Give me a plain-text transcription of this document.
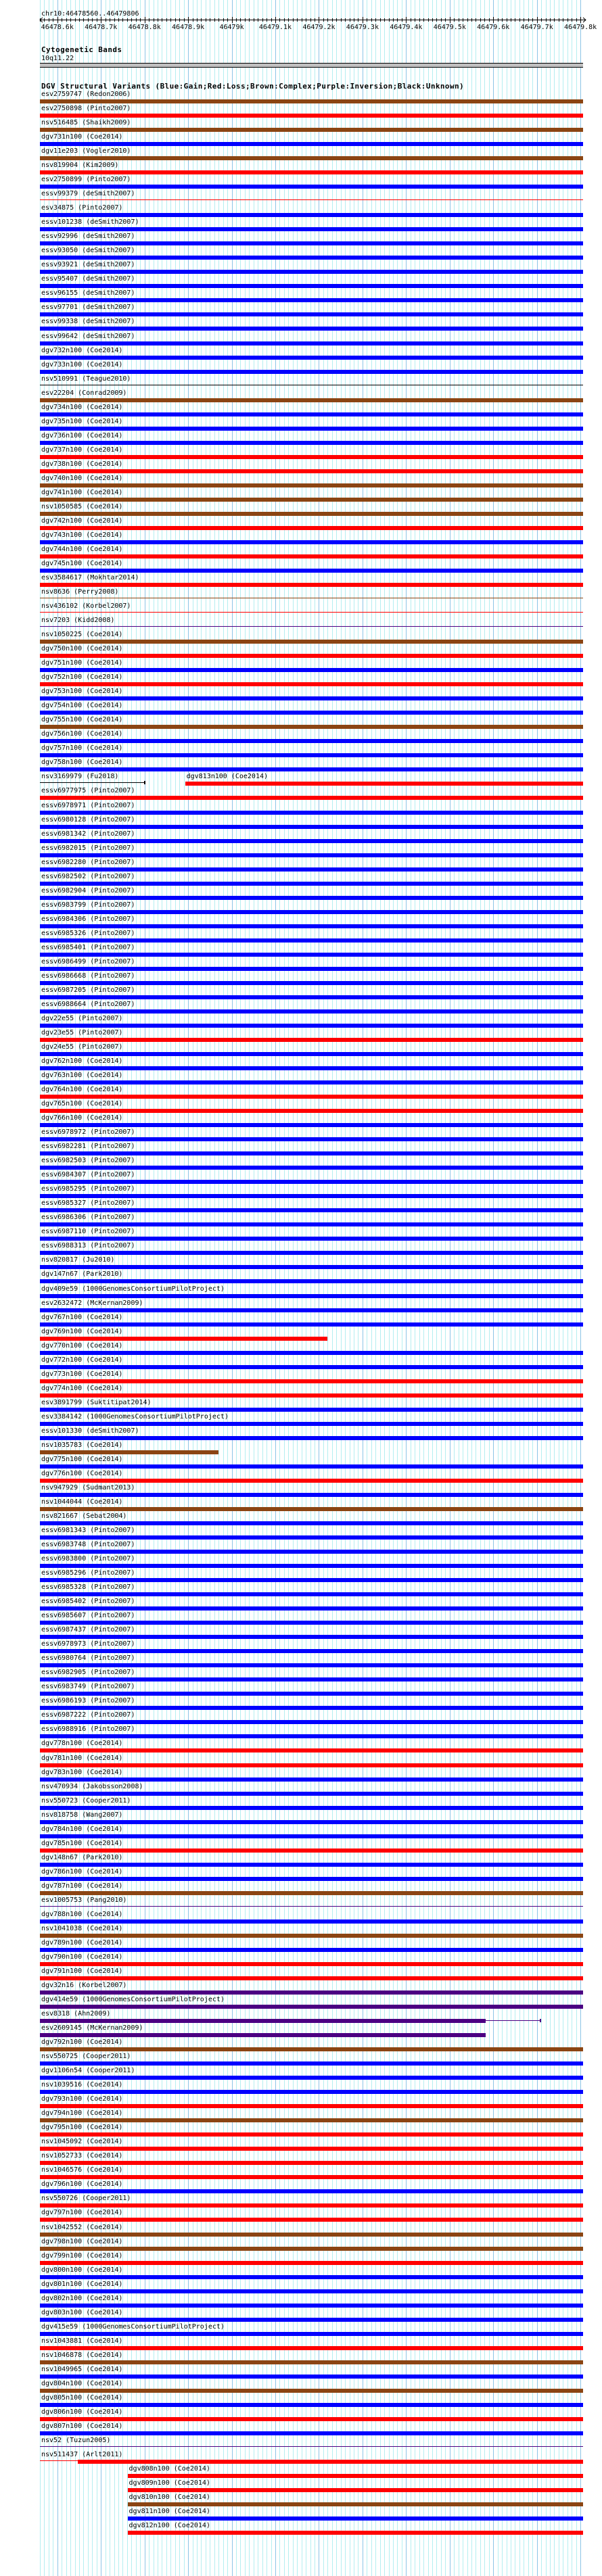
chr10:46478560..46479806
46478.6k 46478.7k 46478.8k 46478.9k 46479k 46479.1k 46479.2k 46479.3k 46479.4k 46479.5k 46479.6k 46479.7k 46479.8k
Cytogenetic Bands
10q11.22
DGV Structural Variants (Blue:Gain;Red:Loss;Brown:Complex;Purple:Inversion;Black:Unknown)
esv2759747 (Redon2006)
esv2750898 (Pinto2007)
nsv516485 (Shaikh2009)
dgv731n100 (Coe2014)
dgv11e203 (Vogler2010)
nsv819904 (Kim2009)
esv2750899 (Pinto2007)
essv99379 (deSmith2007)
esv34875 (Pinto2007)
essv101238 (deSmith2007)
essv92996 (deSmith2007)
essv93050 (deSmith2007)
essv93921 (deSmith2007)
essv95407 (deSmith2007)
essv96155 (deSmith2007)
essv97701 (deSmith2007)
essv99338 (deSmith2007)
essv99642 (deSmith2007)
dgv732n100 (Coe2014)
dgv733n100 (Coe2014)
nsv510991 (Teague2010)
esv22204 (Conrad2009)
dgv734n100 (Coe2014)
dgv735n100 (Coe2014)
dgv736n100 (Coe2014)
dgv737n100 (Coe2014)
dgv738n100 (Coe2014)
dgv740n100 (Coe2014)
dgv741n100 (Coe2014)
nsv1050585 (Coe2014)
dgv742n100 (Coe2014)
dgv743n100 (Coe2014)
dgv744n100 (Coe2014)
dgv745n100 (Coe2014)
esv3584617 (Mokhtar2014)
nsv8636 (Perry2008)
nsv436102 (Korbel2007)
nsv7203 (Kidd2008)
nsv1050225 (Coe2014)
dgv750n100 (Coe2014)
dgv751n100 (Coe2014)
dgv752n100 (Coe2014)
dgv753n100 (Coe2014)
dgv754n100 (Coe2014)
dgv755n100 (Coe2014)
dgv756n100 (Coe2014)
dgv757n100 (Coe2014)
dgv758n100 (Coe2014)
nsv3169979 (Fu2018)	dgv813n100 (Coe2014)
essv6977975 (Pinto2007)
essv6978971 (Pinto2007)
essv6980128 (Pinto2007)
essv6981342 (Pinto2007)
essv6982015 (Pinto2007)
essv6982280 (Pinto2007)
essv6982502 (Pinto2007)
essv6982904 (Pinto2007)
essv6983799 (Pinto2007)
essv6984306 (Pinto2007)
essv6985326 (Pinto2007)
essv6985401 (Pinto2007)
essv6986499 (Pinto2007)
essv6986668 (Pinto2007)
essv6987205 (Pinto2007)
essv6988664 (Pinto2007)
dgv22e55 (Pinto2007)
dgv23e55 (Pinto2007)
dgv24e55 (Pinto2007)
dgv762n100 (Coe2014)
dgv763n100 (Coe2014)
dgv764n100 (Coe2014)
dgv765n100 (Coe2014)
dgv766n100 (Coe2014)
essv6978972 (Pinto2007)
essv6982281 (Pinto2007)
essv6982503 (Pinto2007)
essv6984307 (Pinto2007)
essv6985295 (Pinto2007)
essv6985327 (Pinto2007)
essv6986306 (Pinto2007)
essv6987110 (Pinto2007)
essv6988313 (Pinto2007)
nsv820817 (Ju2010)
dgv147n67 (Park2010)
dgv409e59 (1000GenomesConsortiumPilotProject)
esv2632472 (McKernan2009)
dgv767n100 (Coe2014)
dgv769n100 (Coe2014)
dgv770n100 (Coe2014)
dgv772n100 (Coe2014)
dgv773n100 (Coe2014)
dgv774n100 (Coe2014)
esv3891799 (Suktitipat2014)
esv3384142 (1000GenomesConsortiumPilotProject)
essv101330 (deSmith2007)
nsv1035783 (Coe2014)
dgv775n100 (Coe2014)
dgv776n100 (Coe2014)
nsv947929 (Sudmant2013)
nsv1044044 (Coe2014)
nsv821667 (Sebat2004)
essv6981343 (Pinto2007)
essv6983748 (Pinto2007)
essv6983800 (Pinto2007)
essv6985296 (Pinto2007)
essv6985328 (Pinto2007)
essv6985402 (Pinto2007)
essv6985607 (Pinto2007)
essv6987437 (Pinto2007)
essv6978973 (Pinto2007)
essv6980764 (Pinto2007)
essv6982905 (Pinto2007)
essv6983749 (Pinto2007)
essv6986193 (Pinto2007)
essv6987222 (Pinto2007)
essv6988916 (Pinto2007)
dgv778n100 (Coe2014)
dgv781n100 (Coe2014)
dgv783n100 (Coe2014)
nsv470934 (Jakobsson2008)
nsv550723 (Cooper2011)
nsv818758 (Wang2007)
dgv784n100 (Coe2014)
dgv785n100 (Coe2014)
dgv148n67 (Park2010)
dgv786n100 (Coe2014)
dgv787n100 (Coe2014)
esv1005753 (Pang2010)
dgv788n100 (Coe2014)
nsv1041038 (Coe2014)
dgv789n100 (Coe2014)
dgv790n100 (Coe2014)
dgv791n100 (Coe2014)
dgv32n16 (Korbel2007)
dgv414e59 (1000GenomesConsortiumPilotProject)
esv8318 (Ahn2009)
esv2609145 (McKernan2009)
dgv792n100 (Coe2014)
nsv550725 (Cooper2011)
dgv1106n54 (Cooper2011)
nsv1039516 (Coe2014)
dgv793n100 (Coe2014)
dgv794n100 (Coe2014)
dgv795n100 (Coe2014)
nsv1045092 (Coe2014)
nsv1052733 (Coe2014)
nsv1046576 (Coe2014)
dgv796n100 (Coe2014)
nsv550726 (Cooper2011)
dgv797n100 (Coe2014)
nsv1042552 (Coe2014)
dgv798n100 (Coe2014)
dgv799n100 (Coe2014)
dgv800n100 (Coe2014)
dgv801n100 (Coe2014)
dgv802n100 (Coe2014)
dgv803n100 (Coe2014)
dgv415e59 (1000GenomesConsortiumPilotProject)
nsv1043881 (Coe2014)
nsv1046878 (Coe2014)
nsv1049965 (Coe2014)
dgv804n100 (Coe2014)
dgv805n100 (Coe2014)
dgv806n100 (Coe2014)
dgv807n100 (Coe2014)
nsv52 (Tuzun2005)
nsv511437 (Arlt2011)
dgv808n100 (Coe2014)
dgv809n100 (Coe2014)
dgv810n100 (Coe2014)
dgv811n100 (Coe2014)
dgv812n100 (Coe2014)
